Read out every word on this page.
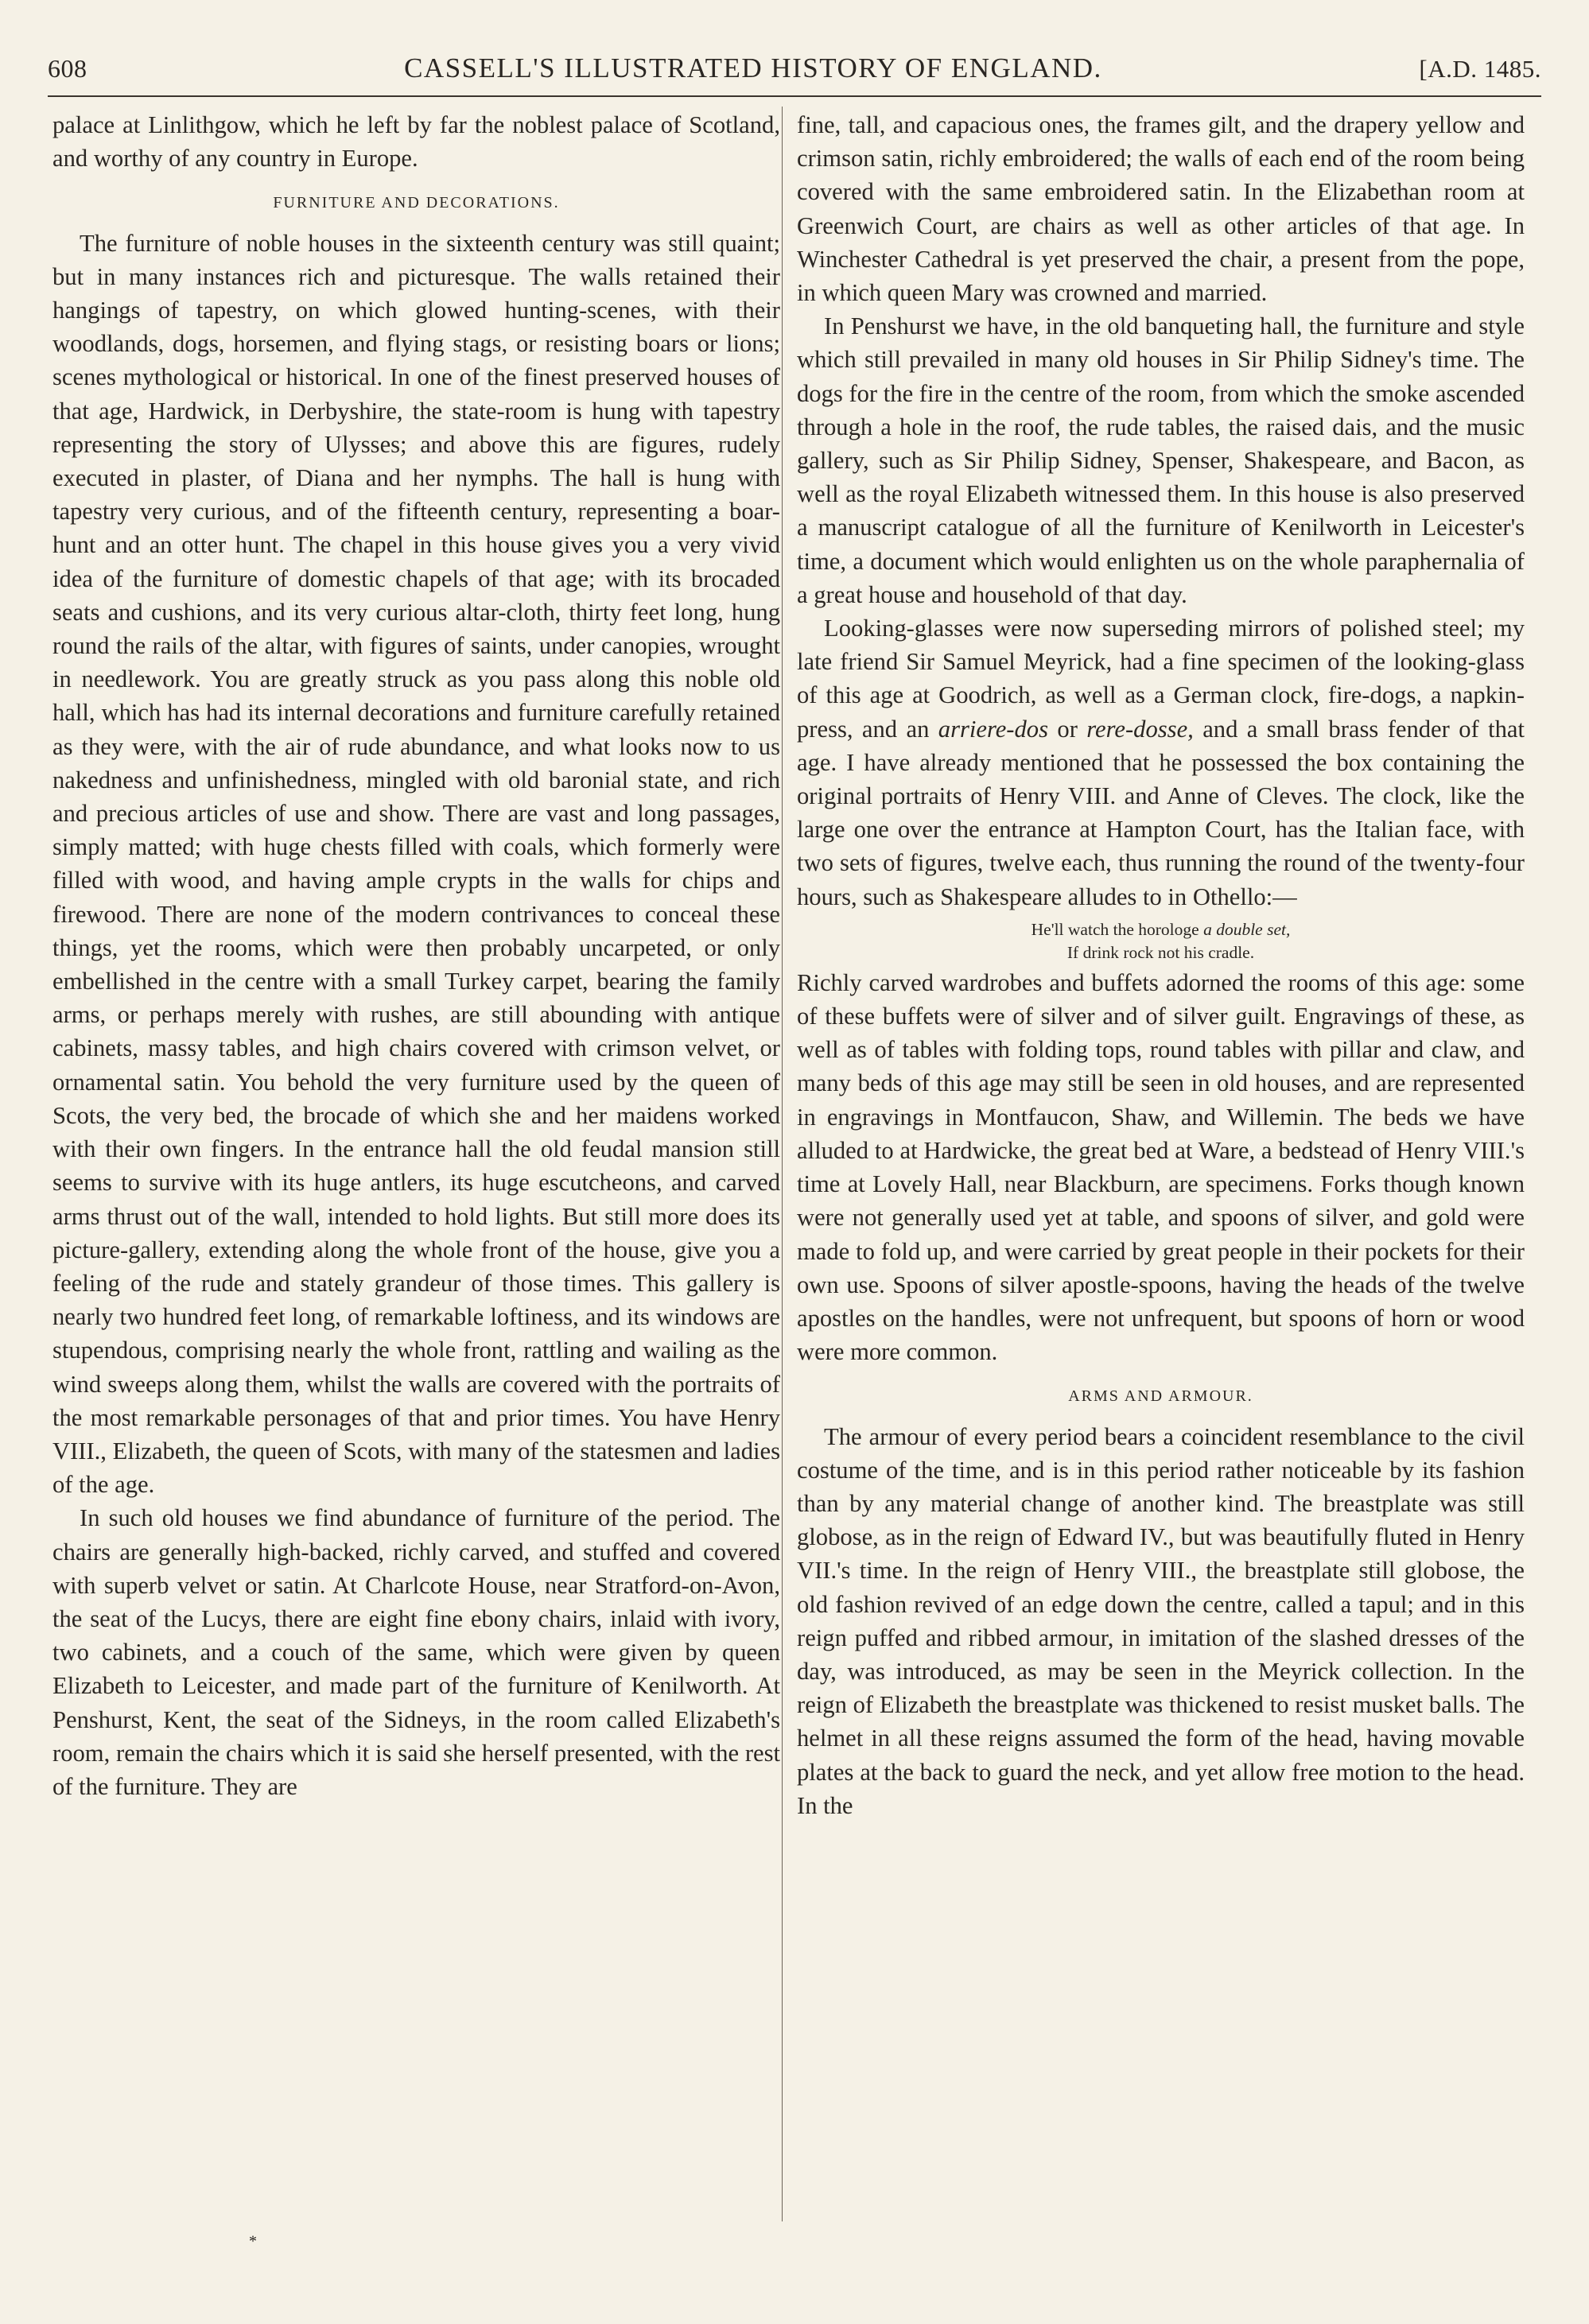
608	CASSELL'S ILLUSTRATED HISTORY OF ENGLAND.	[A.D. 1485.

palace at Linlithgow, which he left by far the noblest palace of Scotland, and worthy of any country in Europe.

FURNITURE AND DECORATIONS.

The furniture of noble houses in the sixteenth century was still quaint; but in many instances rich and picturesque. The walls retained their hangings of tapestry, on which glowed hunting-scenes, with their woodlands, dogs, horsemen, and flying stags, or resisting boars or lions; scenes mythological or historical. In one of the finest preserved houses of that age, Hardwick, in Derbyshire, the state-room is hung with tapestry representing the story of Ulysses; and above this are figures, rudely executed in plaster, of Diana and her nymphs. The hall is hung with tapestry very curious, and of the fifteenth century, representing a boar-hunt and an otter hunt. The chapel in this house gives you a very vivid idea of the furniture of domestic chapels of that age; with its brocaded seats and cushions, and its very curious altar-cloth, thirty feet long, hung round the rails of the altar, with figures of saints, under canopies, wrought in needlework. You are greatly struck as you pass along this noble old hall, which has had its internal decorations and furniture carefully retained as they were, with the air of rude abundance, and what looks now to us nakedness and unfinishedness, mingled with old baronial state, and rich and precious articles of use and show. There are vast and long passages, simply matted; with huge chests filled with coals, which formerly were filled with wood, and having ample crypts in the walls for chips and firewood. There are none of the modern contrivances to conceal these things, yet the rooms, which were then probably uncarpeted, or only embellished in the centre with a small Turkey carpet, bearing the family arms, or perhaps merely with rushes, are still abounding with antique cabinets, massy tables, and high chairs covered with crimson velvet, or ornamental satin. You behold the very furniture used by the queen of Scots, the very bed, the brocade of which she and her maidens worked with their own fingers. In the entrance hall the old feudal mansion still seems to survive with its huge antlers, its huge escutcheons, and carved arms thrust out of the wall, intended to hold lights. But still more does its picture-gallery, extending along the whole front of the house, give you a feeling of the rude and stately grandeur of those times. This gallery is nearly two hundred feet long, of remarkable loftiness, and its windows are stupendous, comprising nearly the whole front, rattling and wailing as the wind sweeps along them, whilst the walls are covered with the portraits of the most remarkable personages of that and prior times. You have Henry VIII., Elizabeth, the queen of Scots, with many of the statesmen and ladies of the age.

In such old houses we find abundance of furniture of the period. The chairs are generally high-backed, richly carved, and stuffed and covered with superb velvet or satin. At Charlcote House, near Stratford-on-Avon, the seat of the Lucys, there are eight fine ebony chairs, inlaid with ivory, two cabinets, and a couch of the same, which were given by queen Elizabeth to Leicester, and made part of the furniture of Kenilworth. At Penshurst, Kent, the seat of the Sidneys, in the room called Elizabeth's room, remain the chairs which it is said she herself presented, with the rest of the furniture. They are

fine, tall, and capacious ones, the frames gilt, and the drapery yellow and crimson satin, richly embroidered; the walls of each end of the room being covered with the same embroidered satin. In the Elizabethan room at Greenwich Court, are chairs as well as other articles of that age. In Winchester Cathedral is yet preserved the chair, a present from the pope, in which queen Mary was crowned and married.

In Penshurst we have, in the old banqueting hall, the furniture and style which still prevailed in many old houses in Sir Philip Sidney's time. The dogs for the fire in the centre of the room, from which the smoke ascended through a hole in the roof, the rude tables, the raised dais, and the music gallery, such as Sir Philip Sidney, Spenser, Shakespeare, and Bacon, as well as the royal Elizabeth witnessed them. In this house is also preserved a manuscript catalogue of all the furniture of Kenilworth in Leicester's time, a document which would enlighten us on the whole paraphernalia of a great house and household of that day.

Looking-glasses were now superseding mirrors of polished steel; my late friend Sir Samuel Meyrick, had a fine specimen of the looking-glass of this age at Goodrich, as well as a German clock, fire-dogs, a napkin-press, and an arriere-dos or rere-dosse, and a small brass fender of that age. I have already mentioned that he possessed the box containing the original portraits of Henry VIII. and Anne of Cleves. The clock, like the large one over the entrance at Hampton Court, has the Italian face, with two sets of figures, twelve each, thus running the round of the twenty-four hours, such as Shakespeare alludes to in Othello:—

He'll watch the horologe a double set,
If drink rock not his cradle.

Richly carved wardrobes and buffets adorned the rooms of this age: some of these buffets were of silver and of silver guilt. Engravings of these, as well as of tables with folding tops, round tables with pillar and claw, and many beds of this age may still be seen in old houses, and are represented in engravings in Montfaucon, Shaw, and Willemin. The beds we have alluded to at Hardwicke, the great bed at Ware, a bedstead of Henry VIII.'s time at Lovely Hall, near Blackburn, are specimens. Forks though known were not generally used yet at table, and spoons of silver, and gold were made to fold up, and were carried by great people in their pockets for their own use. Spoons of silver apostle-spoons, having the heads of the twelve apostles on the handles, were not unfrequent, but spoons of horn or wood were more common.

ARMS AND ARMOUR.

The armour of every period bears a coincident resemblance to the civil costume of the time, and is in this period rather noticeable by its fashion than by any material change of another kind. The breastplate was still globose, as in the reign of Edward IV., but was beautifully fluted in Henry VII.'s time. In the reign of Henry VIII., the breastplate still globose, the old fashion revived of an edge down the centre, called a tapul; and in this reign puffed and ribbed armour, in imitation of the slashed dresses of the day, was introduced, as may be seen in the Meyrick collection. In the reign of Elizabeth the breastplate was thickened to resist musket balls. The helmet in all these reigns assumed the form of the head, having movable plates at the back to guard the neck, and yet allow free motion to the head. In the

*
